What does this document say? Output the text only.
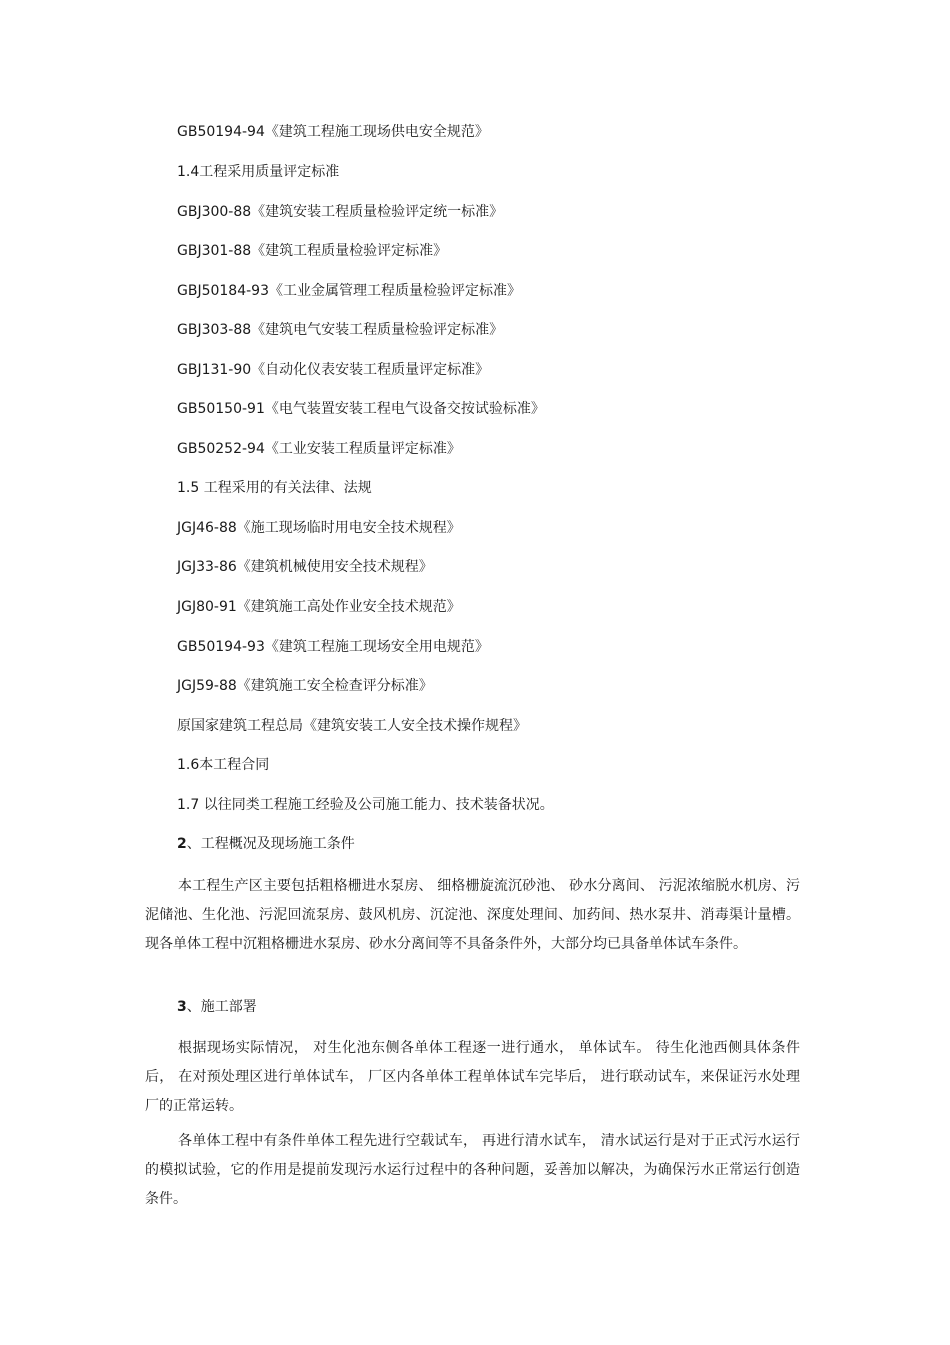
GB50194-94《建筑工程施工现场供电安全规范》
1.4工程采用质量评定标准
GBJ300-88《建筑安装工程质量检验评定统一标准》
GBJ301-88《建筑工程质量检验评定标准》
GBJ50184-93《工业金属管理工程质量检验评定标准》
GBJ303-88《建筑电气安装工程质量检验评定标准》
GBJ131-90《自动化仪表安装工程质量评定标准》
GB50150-91《电气装置安装工程电气设备交按试验标准》
GB50252-94《工业安装工程质量评定标准》
1.5 工程采用的有关法律、法规
JGJ46-88《施工现场临时用电安全技术规程》
JGJ33-86《建筑机械使用安全技术规程》
JGJ80-91《建筑施工高处作业安全技术规范》
GB50194-93《建筑工程施工现场安全用电规范》
JGJ59-88《建筑施工安全检查评分标准》
原国家建筑工程总局《建筑安装工人安全技术操作规程》
1.6本工程合同
1.7 以往同类工程施工经验及公司施工能力、技术装备状况。
2、工程概况及现场施工条件

本工程生产区主要包括粗格栅进水泵房、 细格栅旋流沉砂池、 砂水分离间、 污泥浓缩脱水机房、污泥储池、生化池、污泥回流泵房、鼓风机房、沉淀池、深度处理间、加药间、热水泵井、消毒渠计量槽。现各单体工程中沉粗格栅进水泵房、砂水分离间等不具备条件外，大部分均已具备单体试车条件。

3、施工部署

根据现场实际情况， 对生化池东侧各单体工程逐一进行通水， 单体试车。 待生化池西侧具体条件后， 在对预处理区进行单体试车， 厂区内各单体工程单体试车完毕后， 进行联动试车，来保证污水处理厂的正常运转。

各单体工程中有条件单体工程先进行空载试车， 再进行清水试车， 清水试运行是对于正式污水运行的模拟试验，它的作用是提前发现污水运行过程中的各种问题，妥善加以解决，为确保污水正常运行创造条件。
